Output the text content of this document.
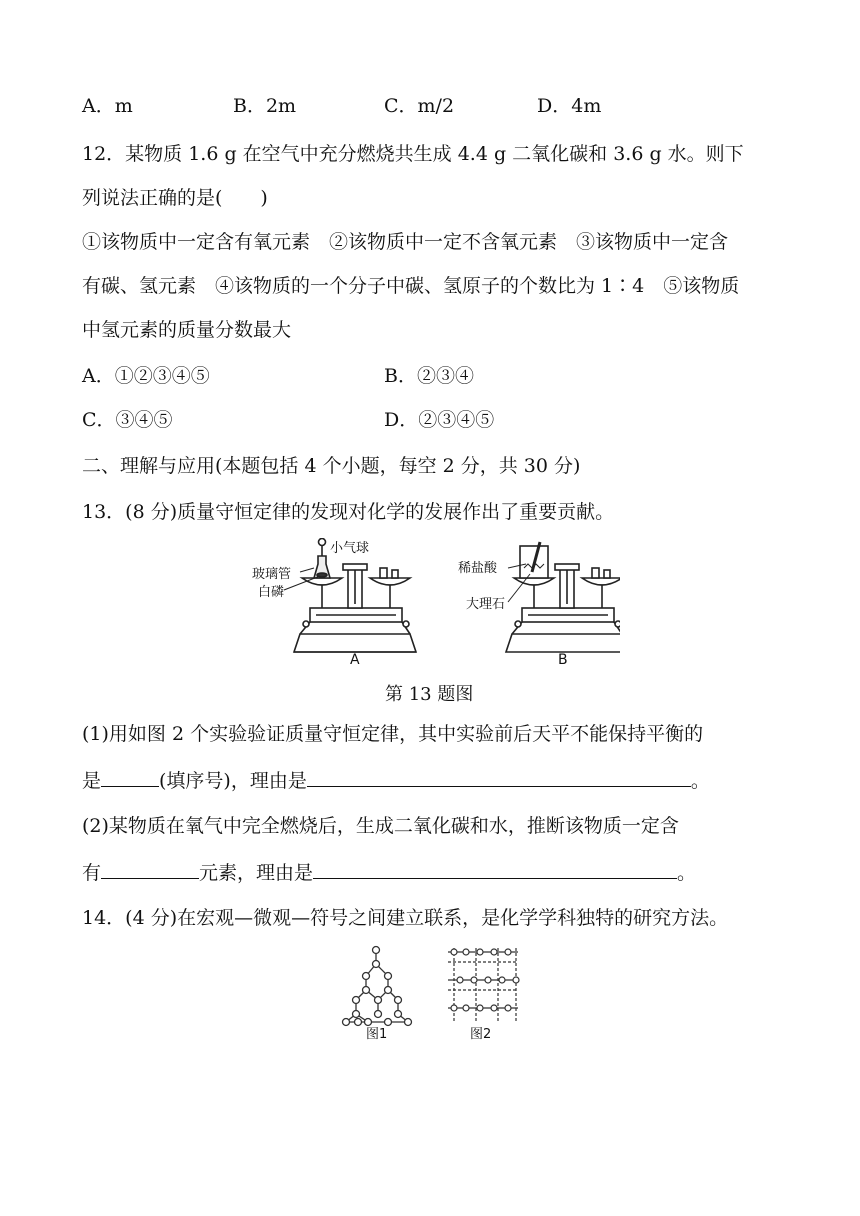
A．m	B．2m	C．m/2	D．4m
12．某物质 1.6 g 在空气中充分燃烧共生成 4.4 g 二氧化碳和 3.6 g 水。则下
列说法正确的是(　　)
①该物质中一定含有氧元素　②该物质中一定不含氧元素　③该物质中一定含
有碳、氢元素　④该物质的一个分子中碳、氢原子的个数比为 1∶4　⑤该物质
中氢元素的质量分数最大
A．①②③④⑤	B．②③④
C．③④⑤	D．②③④⑤
二、理解与应用(本题包括 4 个小题，每空 2 分，共 30 分)
13．(8 分)质量守恒定律的发现对化学的发展作出了重要贡献。
小气球
玻璃管
白磷
稀盐酸
大理石
A	B
第 13 题图
(1)用如图 2 个实验验证质量守恒定律，其中实验前后天平不能保持平衡的
是	(填序号)，理由是	。
(2)某物质在氧气中完全燃烧后，生成二氧化碳和水，推断该物质一定含
有	元素，理由是	。
14．(4 分)在宏观—微观—符号之间建立联系，是化学学科独特的研究方法。
图1	图2
